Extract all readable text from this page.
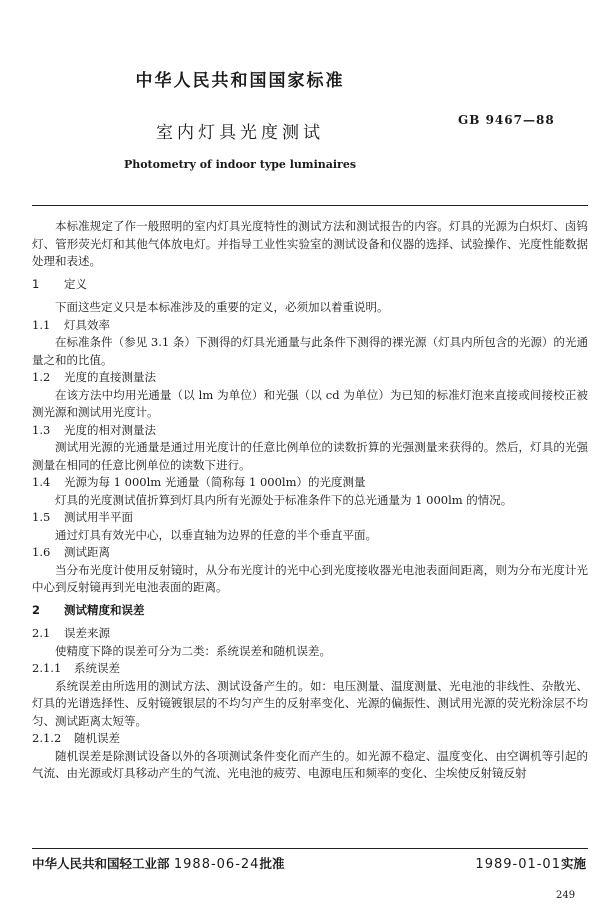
中华人民共和国国家标准
GB 9467—88
室内灯具光度测试
Photometry of indoor type luminaires

本标准规定了作一般照明的室内灯具光度特性的测试方法和测试报告的内容。灯具的光源为白炽灯、卤钨灯、管形荧光灯和其他气体放电灯。并指导工业性实验室的测试设备和仪器的选择、试验操作、光度性能数据处理和表述。

1 定义

下面这些定义只是本标准涉及的重要的定义，必须加以着重说明。

1.1 灯具效率

在标准条件（参见 3.1 条）下测得的灯具光通量与此条件下测得的裸光源（灯具内所包含的光源）的光通量之和的比值。

1.2 光度的直接测量法

在该方法中均用光通量（以 lm 为单位）和光强（以 cd 为单位）为已知的标准灯泡来直接或间接校正被测光源和测试用光度计。

1.3 光度的相对测量法

测试用光源的光通量是通过用光度计的任意比例单位的读数折算的光强测量来获得的。然后，灯具的光强测量在相同的任意比例单位的读数下进行。

1.4 光源为每 1 000lm 光通量（简称每 1 000lm）的光度测量

灯具的光度测试值折算到灯具内所有光源处于标准条件下的总光通量为 1 000lm 的情况。

1.5 测试用半平面

通过灯具有效光中心，以垂直轴为边界的任意的半个垂直平面。

1.6 测试距离

当分布光度计使用反射镜时，从分布光度计的光中心到光度接收器光电池表面间距离，则为分布光度计光中心到反射镜再到光电池表面的距离。

2 测试精度和误差
2.1 误差来源

使精度下降的误差可分为二类：系统误差和随机误差。

2.1.1 系统误差

系统误差由所选用的测试方法、测试设备产生的。如：电压测量、温度测量、光电池的非线性、杂散光、灯具的光谱选择性、反射镜镀银层的不均匀产生的反射率变化、光源的偏振性、测试用光源的荧光粉涂层不均匀、测试距离太短等。

2.1.2 随机误差

随机误差是除测试设备以外的各项测试条件变化而产生的。如光源不稳定、温度变化、由空调机等引起的气流、由光源或灯具移动产生的气流、光电池的疲劳、电源电压和频率的变化、尘埃使反射镜反射

中华人民共和国轻工业部 1988-06-24批准	1989-01-01实施
249
